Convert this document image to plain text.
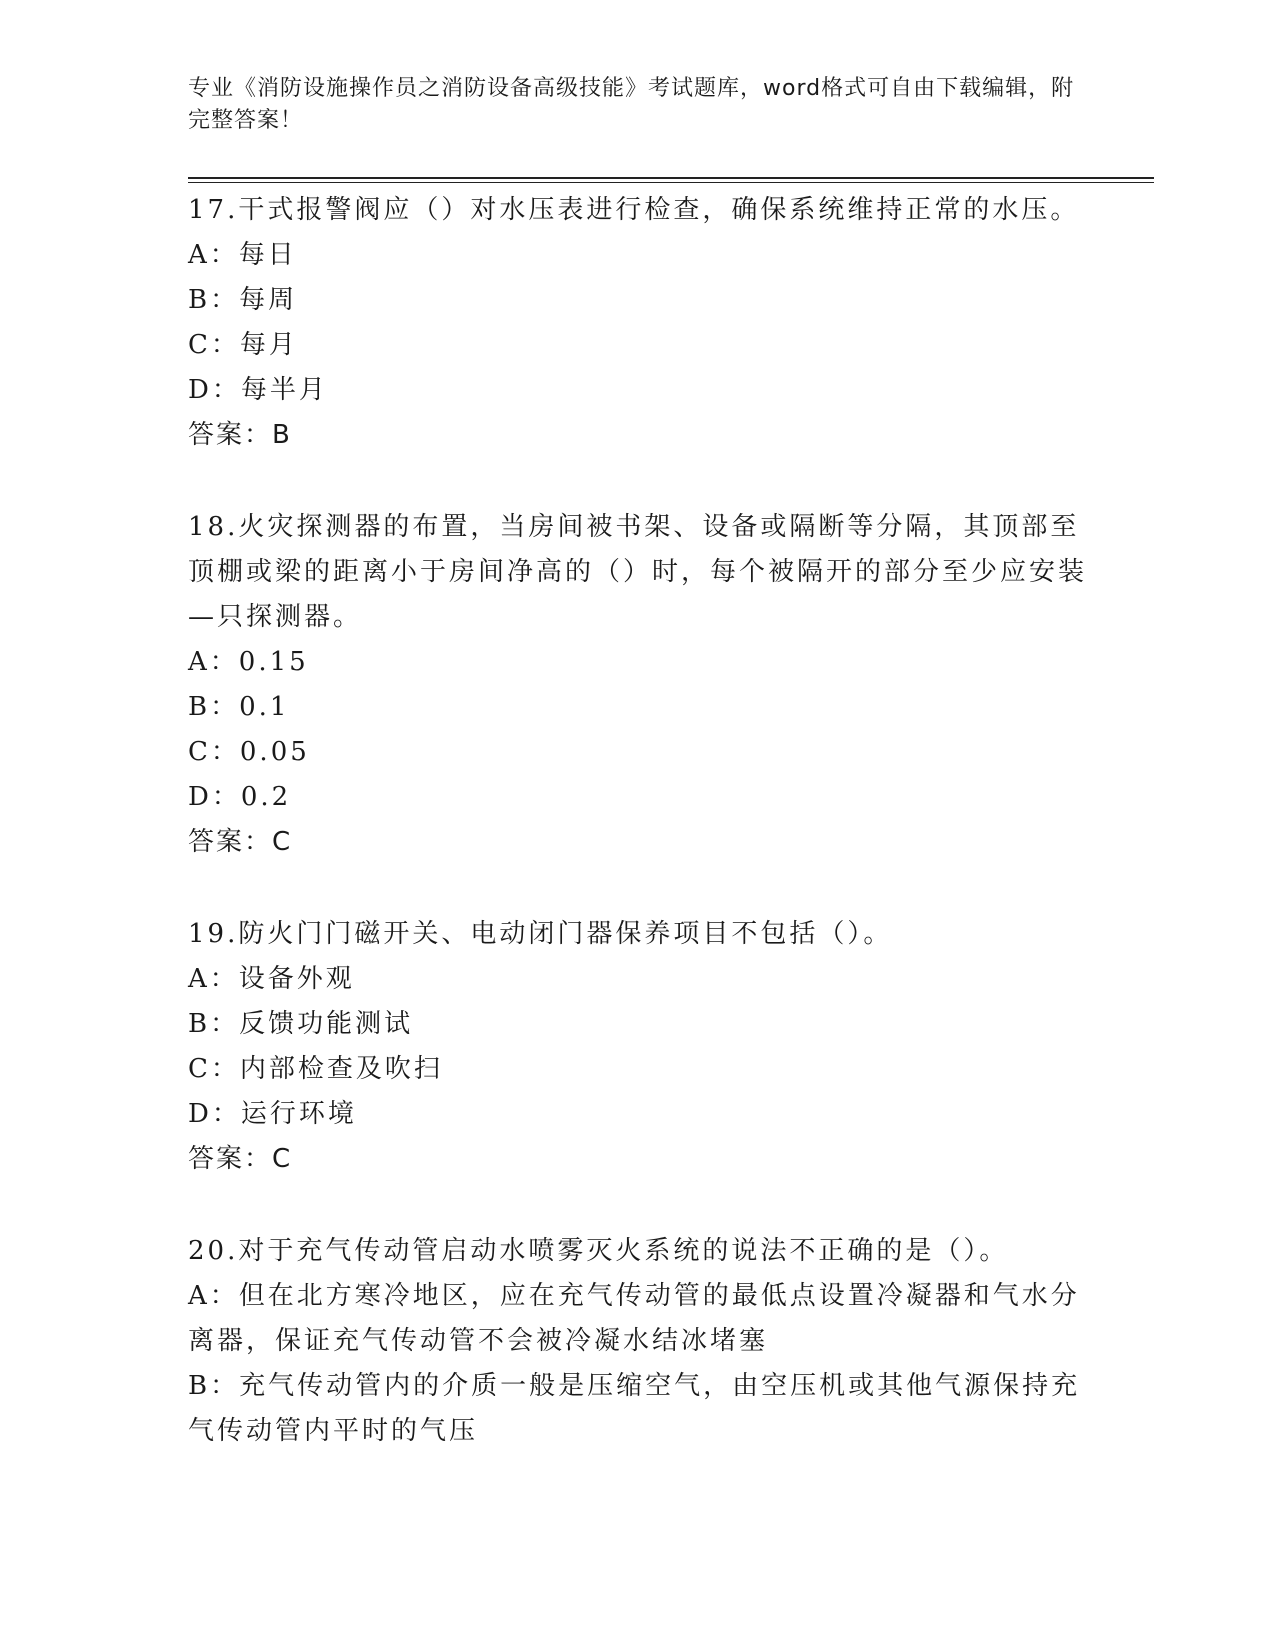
专业《消防设施操作员之消防设备高级技能》考试题库，word格式可自由下载编辑，附完整答案！

17.干式报警阀应（）对水压表进行检查，确保系统维持正常的水压。

A：每日

B：每周

C：每月

D：每半月

答案：B

18.火灾探测器的布置，当房间被书架、设备或隔断等分隔，其顶部至顶棚或梁的距离小于房间净高的（）时，每个被隔开的部分至少应安装—只探测器。

A：0.15

B：0.1

C：0.05

D：0.2

答案：C

19.防火门门磁开关、电动闭门器保养项目不包括（）。

A：设备外观

B：反馈功能测试

C：内部检查及吹扫

D：运行环境

答案：C

20.对于充气传动管启动水喷雾灭火系统的说法不正确的是（）。

A：但在北方寒冷地区，应在充气传动管的最低点设置冷凝器和气水分离器，保证充气传动管不会被冷凝水结冰堵塞

B：充气传动管内的介质一般是压缩空气，由空压机或其他气源保持充气传动管内平时的气压
